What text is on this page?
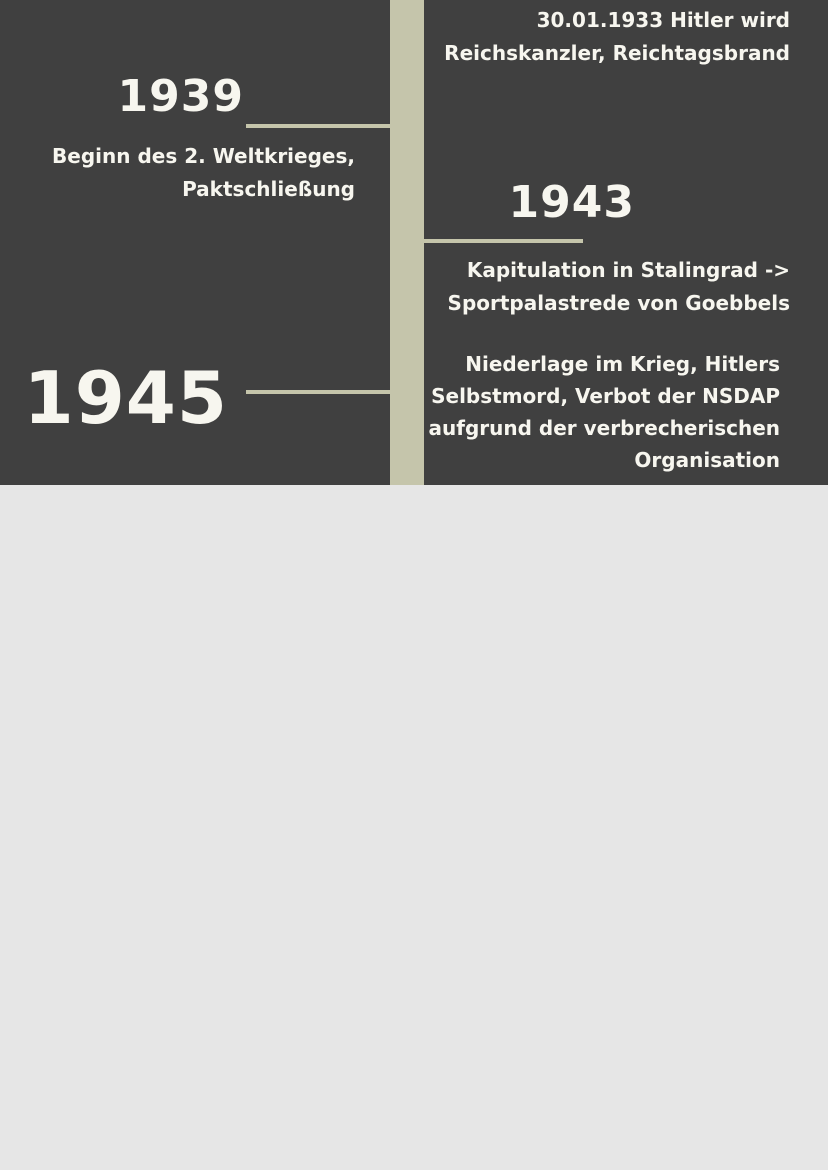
30.01.1933 Hitler wird
Reichskanzler, Reichtagsbrand
1939
Beginn des 2. Weltkrieges,
Paktschließung	1943
Kapitulation in Stalingrad ->
Sportpalastrede von Goebbels
1945	Niederlage im Krieg, Hitlers
Selbstmord, Verbot der NSDAP
aufgrund der verbrecherischen
Organisation
